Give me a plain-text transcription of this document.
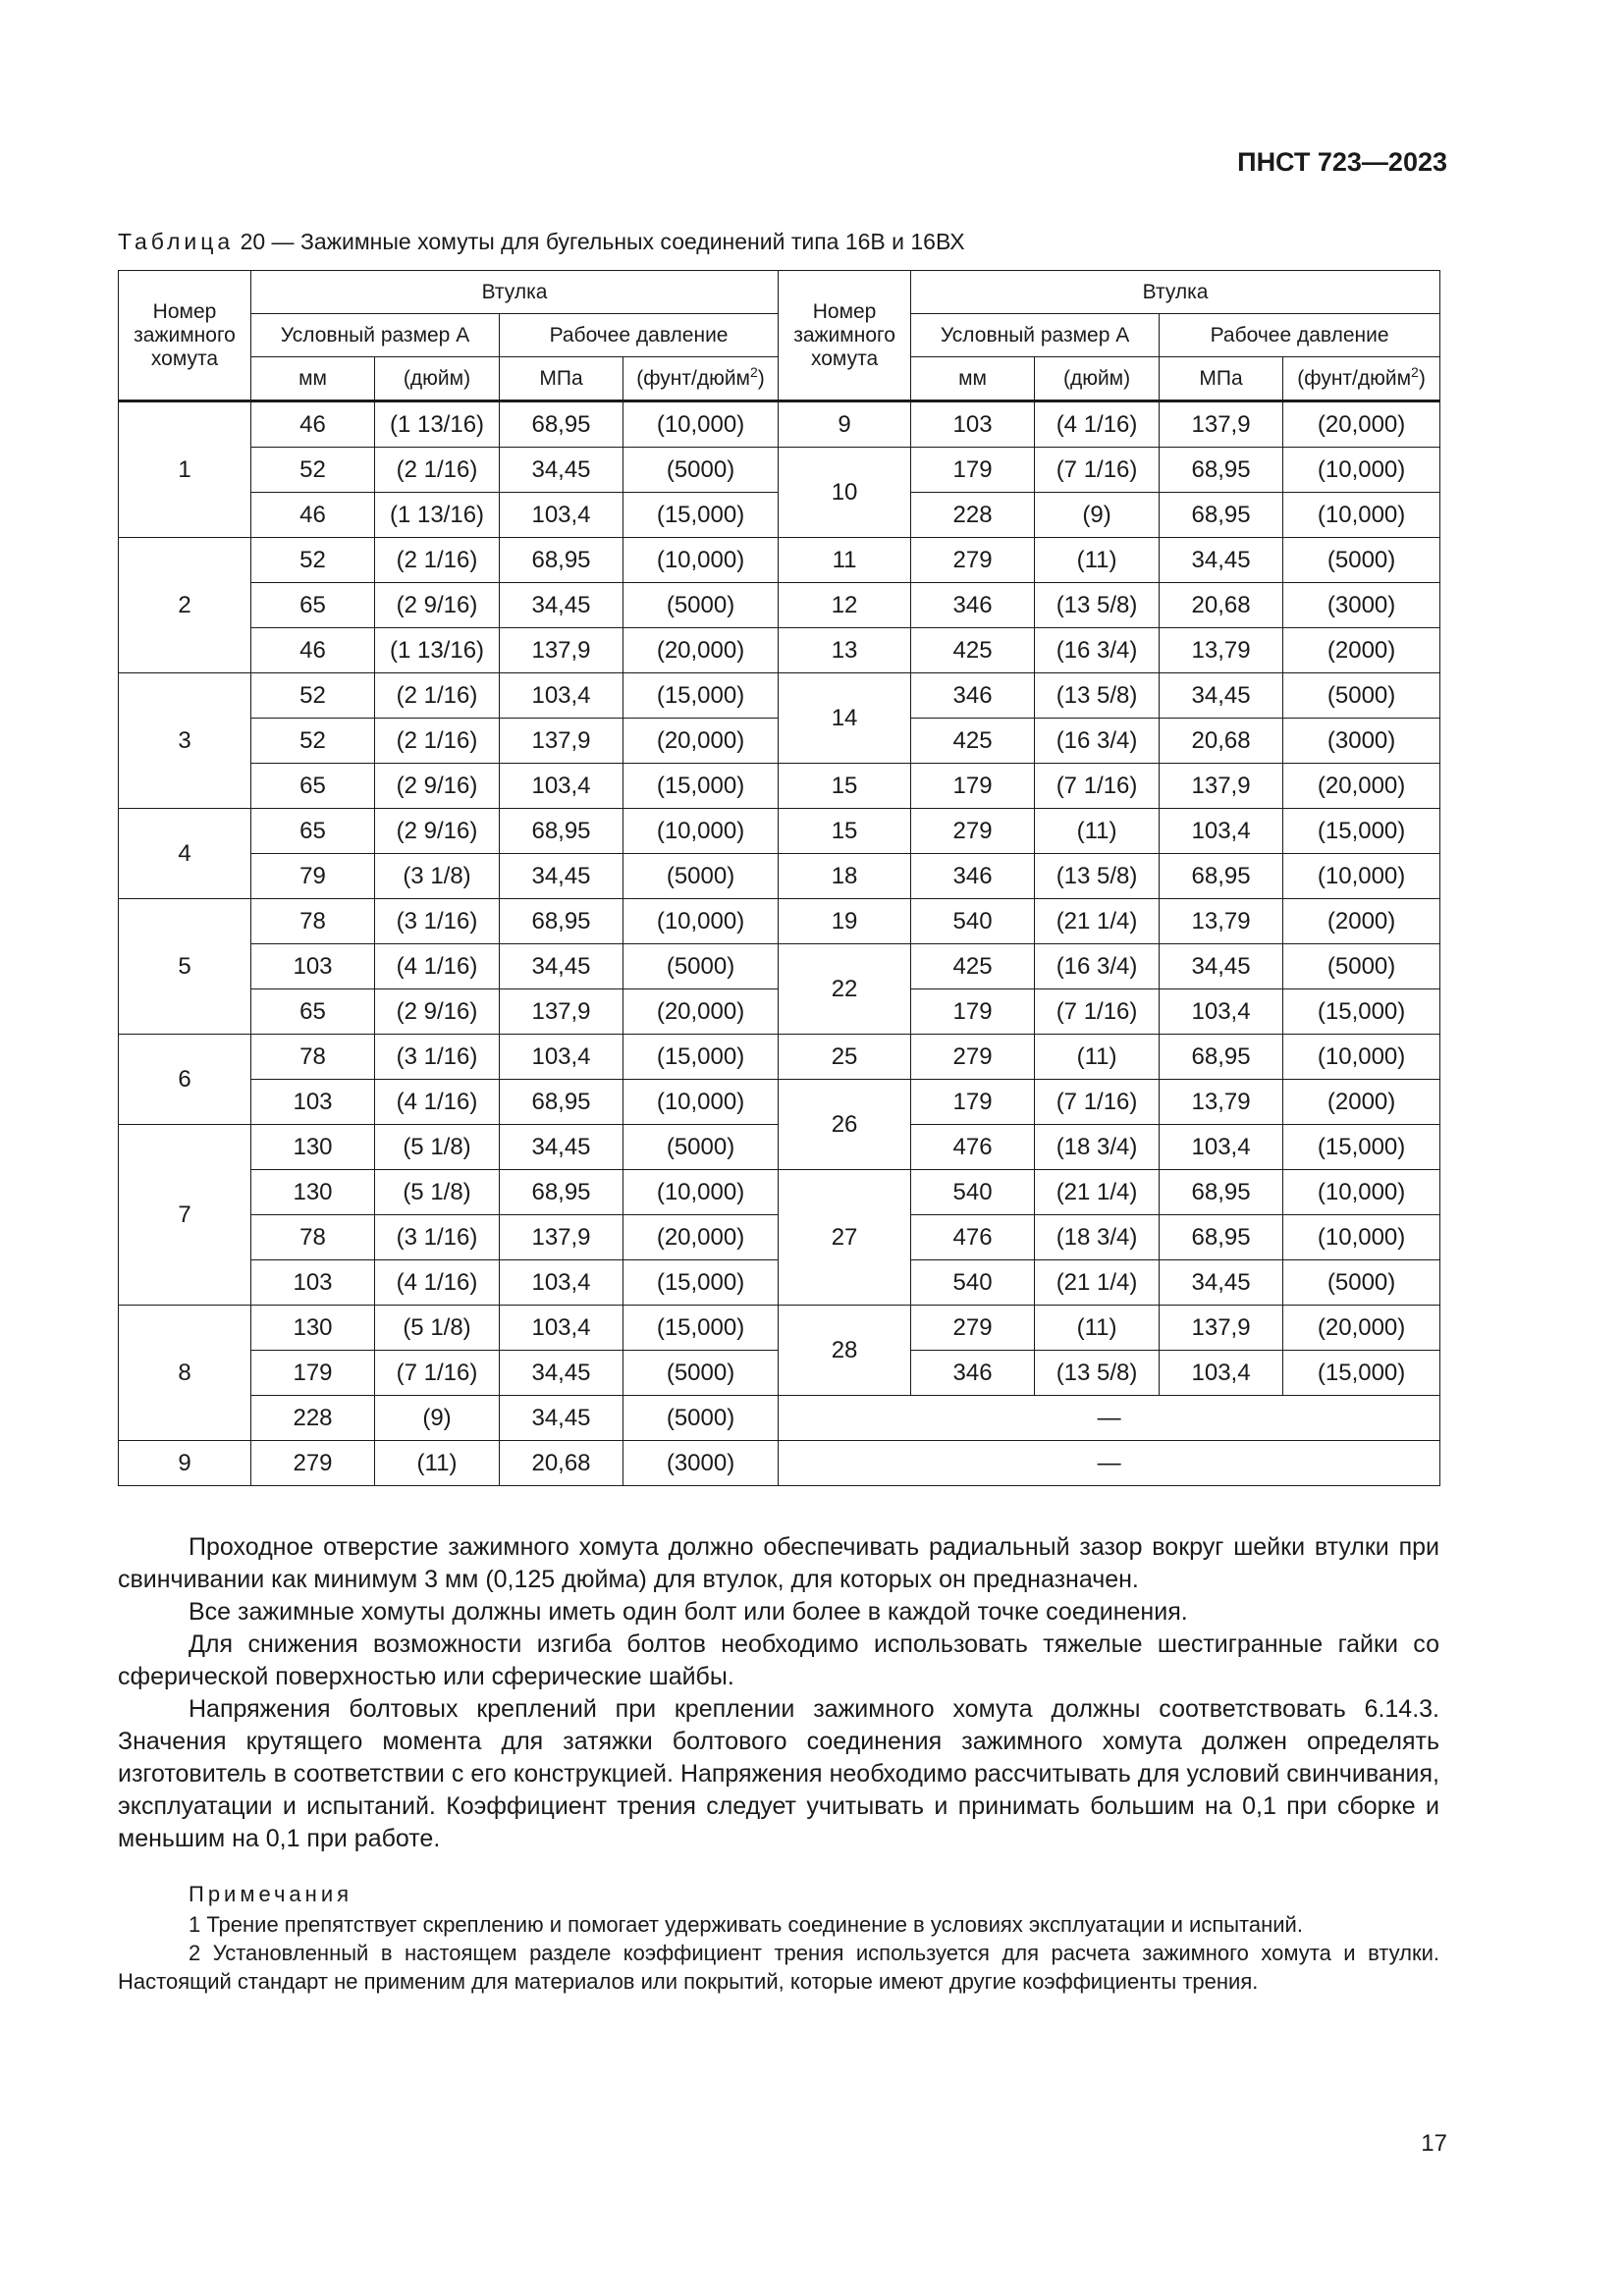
ПНСТ 723—2023
Таблица 20 — Зажимные хомуты для бугельных соединений типа 16В и 16ВХ
Номер зажимного хомута	Втулка				Номер зажимного хомута	Втулка			
	Условный размер А		Рабочее давление			Условный размер А		Рабочее давление	
	мм	(дюйм)	МПа	(фунт/дюйм$^2$)		мм	(дюйм)	МПа	(фунт/дюйм$^2$)
1	46	(1 13/16)	68,95	(10,000)	9	103	(4 1/16)	137,9	(20,000)
	52	(2 1/16)	34,45	(5000)	10	179	(7 1/16)	68,95	(10,000)
	46	(1 13/16)	103,4	(15,000)		228	(9)	68,95	(10,000)
2	52	(2 1/16)	68,95	(10,000)	11	279	(11)	34,45	(5000)
	65	(2 9/16)	34,45	(5000)	12	346	(13 5/8)	20,68	(3000)
	46	(1 13/16)	137,9	(20,000)	13	425	(16 3/4)	13,79	(2000)
3	52	(2 1/16)	103,4	(15,000)	14	346	(13 5/8)	34,45	(5000)
	52	(2 1/16)	137,9	(20,000)		425	(16 3/4)	20,68	(3000)
	65	(2 9/16)	103,4	(15,000)	15	179	(7 1/16)	137,9	(20,000)
4	65	(2 9/16)	68,95	(10,000)	15	279	(11)	103,4	(15,000)
	79	(3 1/8)	34,45	(5000)	18	346	(13 5/8)	68,95	(10,000)
5	78	(3 1/16)	68,95	(10,000)	19	540	(21 1/4)	13,79	(2000)
	103	(4 1/16)	34,45	(5000)	22	425	(16 3/4)	34,45	(5000)
	65	(2 9/16)	137,9	(20,000)		179	(7 1/16)	103,4	(15,000)
6	78	(3 1/16)	103,4	(15,000)	25	279	(11)	68,95	(10,000)
	103	(4 1/16)	68,95	(10,000)	26	179	(7 1/16)	13,79	(2000)
7	130	(5 1/8)	34,45	(5000)		476	(18 3/4)	103,4	(15,000)
	130	(5 1/8)	68,95	(10,000)	27	540	(21 1/4)	68,95	(10,000)
	78	(3 1/16)	137,9	(20,000)		476	(18 3/4)	68,95	(10,000)
	103	(4 1/16)	103,4	(15,000)		540	(21 1/4)	34,45	(5000)
8	130	(5 1/8)	103,4	(15,000)	28	279	(11)	137,9	(20,000)
	179	(7 1/16)	34,45	(5000)		346	(13 5/8)	103,4	(15,000)
	228	(9)	34,45	(5000)	—				
9	279	(11)	20,68	(3000)	—				

Проходное отверстие зажимного хомута должно обеспечивать радиальный зазор вокруг шейки втулки при свинчивании как минимум 3 мм (0,125 дюйма) для втулок, для которых он предназначен.

Все зажимные хомуты должны иметь один болт или более в каждой точке соединения.

Для снижения возможности изгиба болтов необходимо использовать тяжелые шестигранные гайки со сферической поверхностью или сферические шайбы.

Напряжения болтовых креплений при креплении зажимного хомута должны соответствовать 6.14.3. Значения крутящего момента для затяжки болтового соединения зажимного хомута должен определять изготовитель в соответствии с его конструкцией. Напряжения необходимо рассчитывать для условий свинчивания, эксплуатации и испытаний. Коэффициент трения следует учитывать и принимать большим на 0,1 при сборке и меньшим на 0,1 при работе.

Примечания

1 Трение препятствует скреплению и помогает удерживать соединение в условиях эксплуатации и испытаний.

2 Установленный в настоящем разделе коэффициент трения используется для расчета зажимного хомута и втулки. Настоящий стандарт не применим для материалов или покрытий, которые имеют другие коэффициенты трения.

17
